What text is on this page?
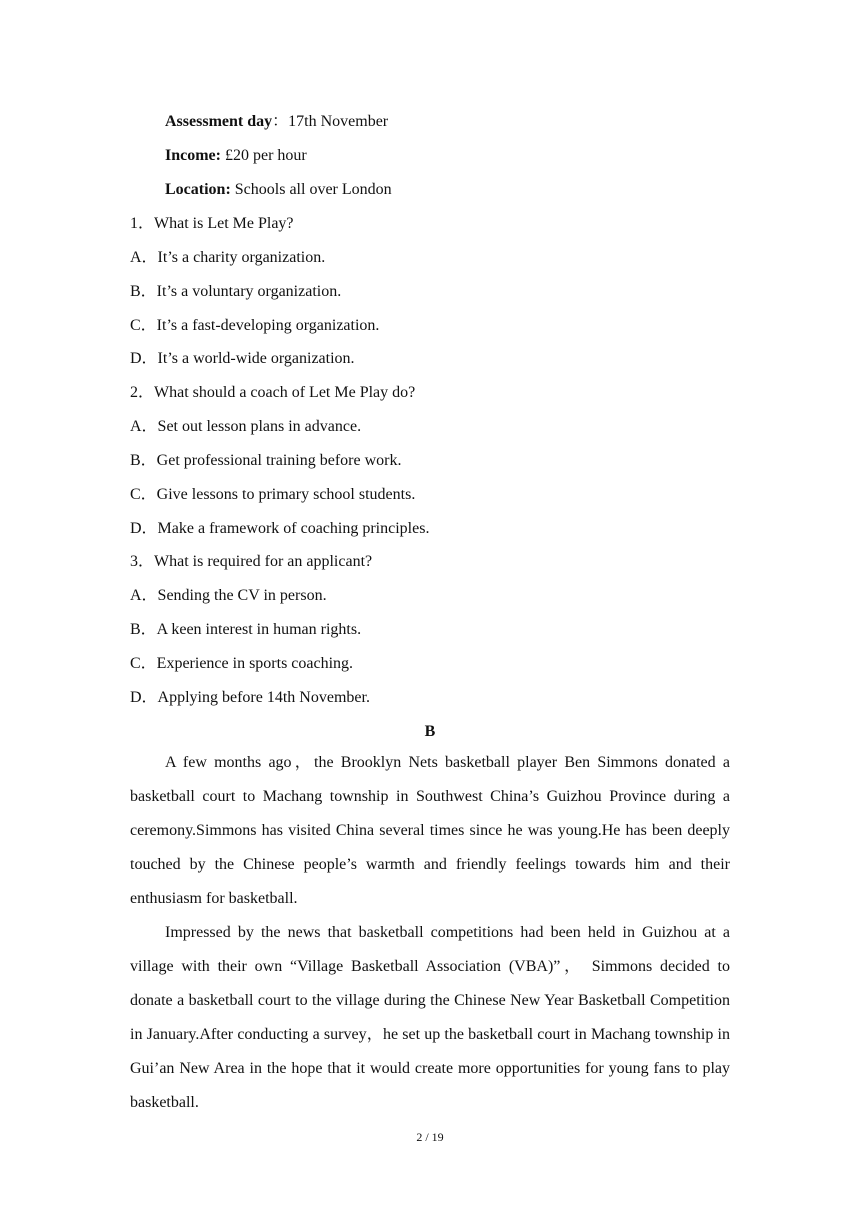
Assessment day：17th November
Income: £20 per hour
Location: Schools all over London
1．What is Let Me Play?
A．It’s a charity organization.
B．It’s a voluntary organization.
C．It’s a fast-developing organization.
D．It’s a world-wide organization.
2．What should a coach of Let Me Play do?
A．Set out lesson plans in advance.
B．Get professional training before work.
C．Give lessons to primary school students.
D．Make a framework of coaching principles.
3．What is required for an applicant?
A．Sending the CV in person.
B．A keen interest in human rights.
C．Experience in sports coaching.
D．Applying before 14th November.
B

A few months ago，the Brooklyn Nets basketball player Ben Simmons donated a basketball court to Machang township in Southwest China’s Guizhou Province during a ceremony.Simmons has visited China several times since he was young.He has been deeply touched by the Chinese people’s warmth and friendly feelings towards him and their enthusiasm for basketball.

Impressed by the news that basketball competitions had been held in Guizhou at a village with their own “Village Basketball Association (VBA)”， Simmons decided to donate a basketball court to the village during the Chinese New Year Basketball Competition in January.After conducting a survey，he set up the basketball court in Machang township in Gui’an New Area in the hope that it would create more opportunities for young fans to play basketball.

2 / 19
